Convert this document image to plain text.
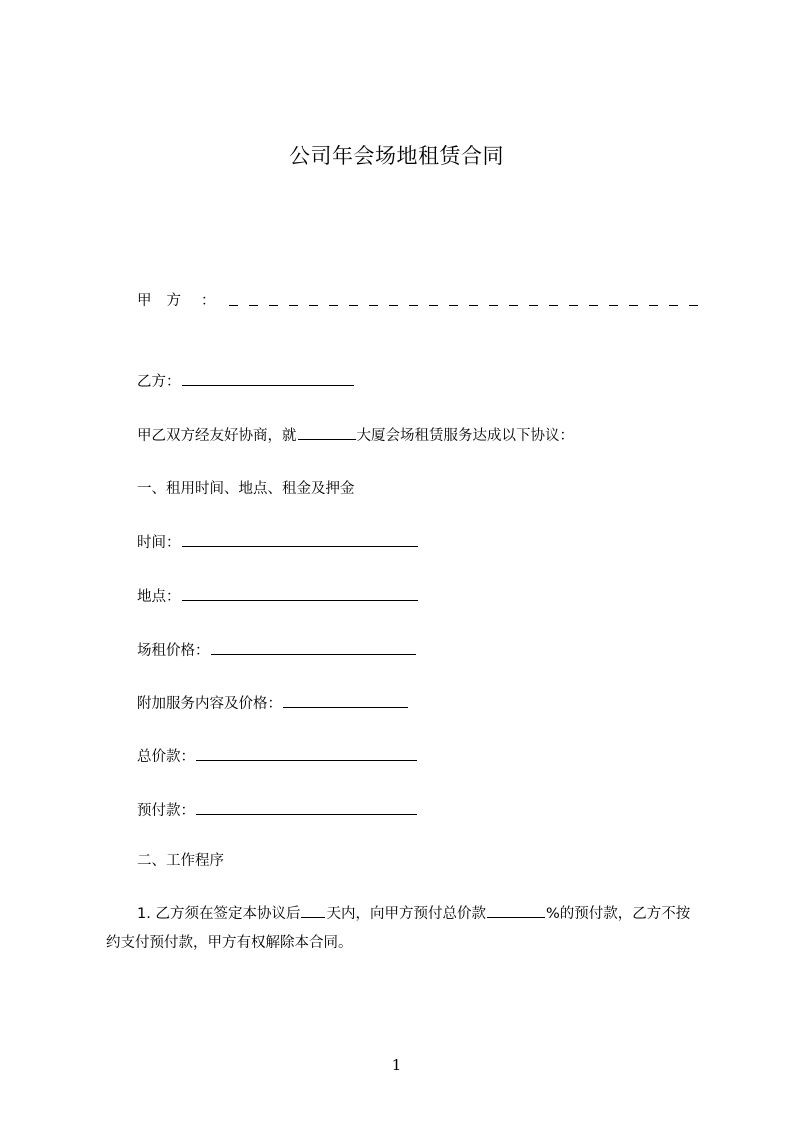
公司年会场地租赁合同
甲方 ：
乙方：
甲乙双方经友好协商，就	大厦会场租赁服务达成以下协议：
一、租用时间、地点、租金及押金
时间：
地点：
场租价格：
附加服务内容及价格：
总价款：
预付款：
二、工作程序
1. 乙方须在签定本协议后 天内，向甲方预付总价款	%的预付款，乙方不按约支付预付款，甲方有权解除本合同。
1
